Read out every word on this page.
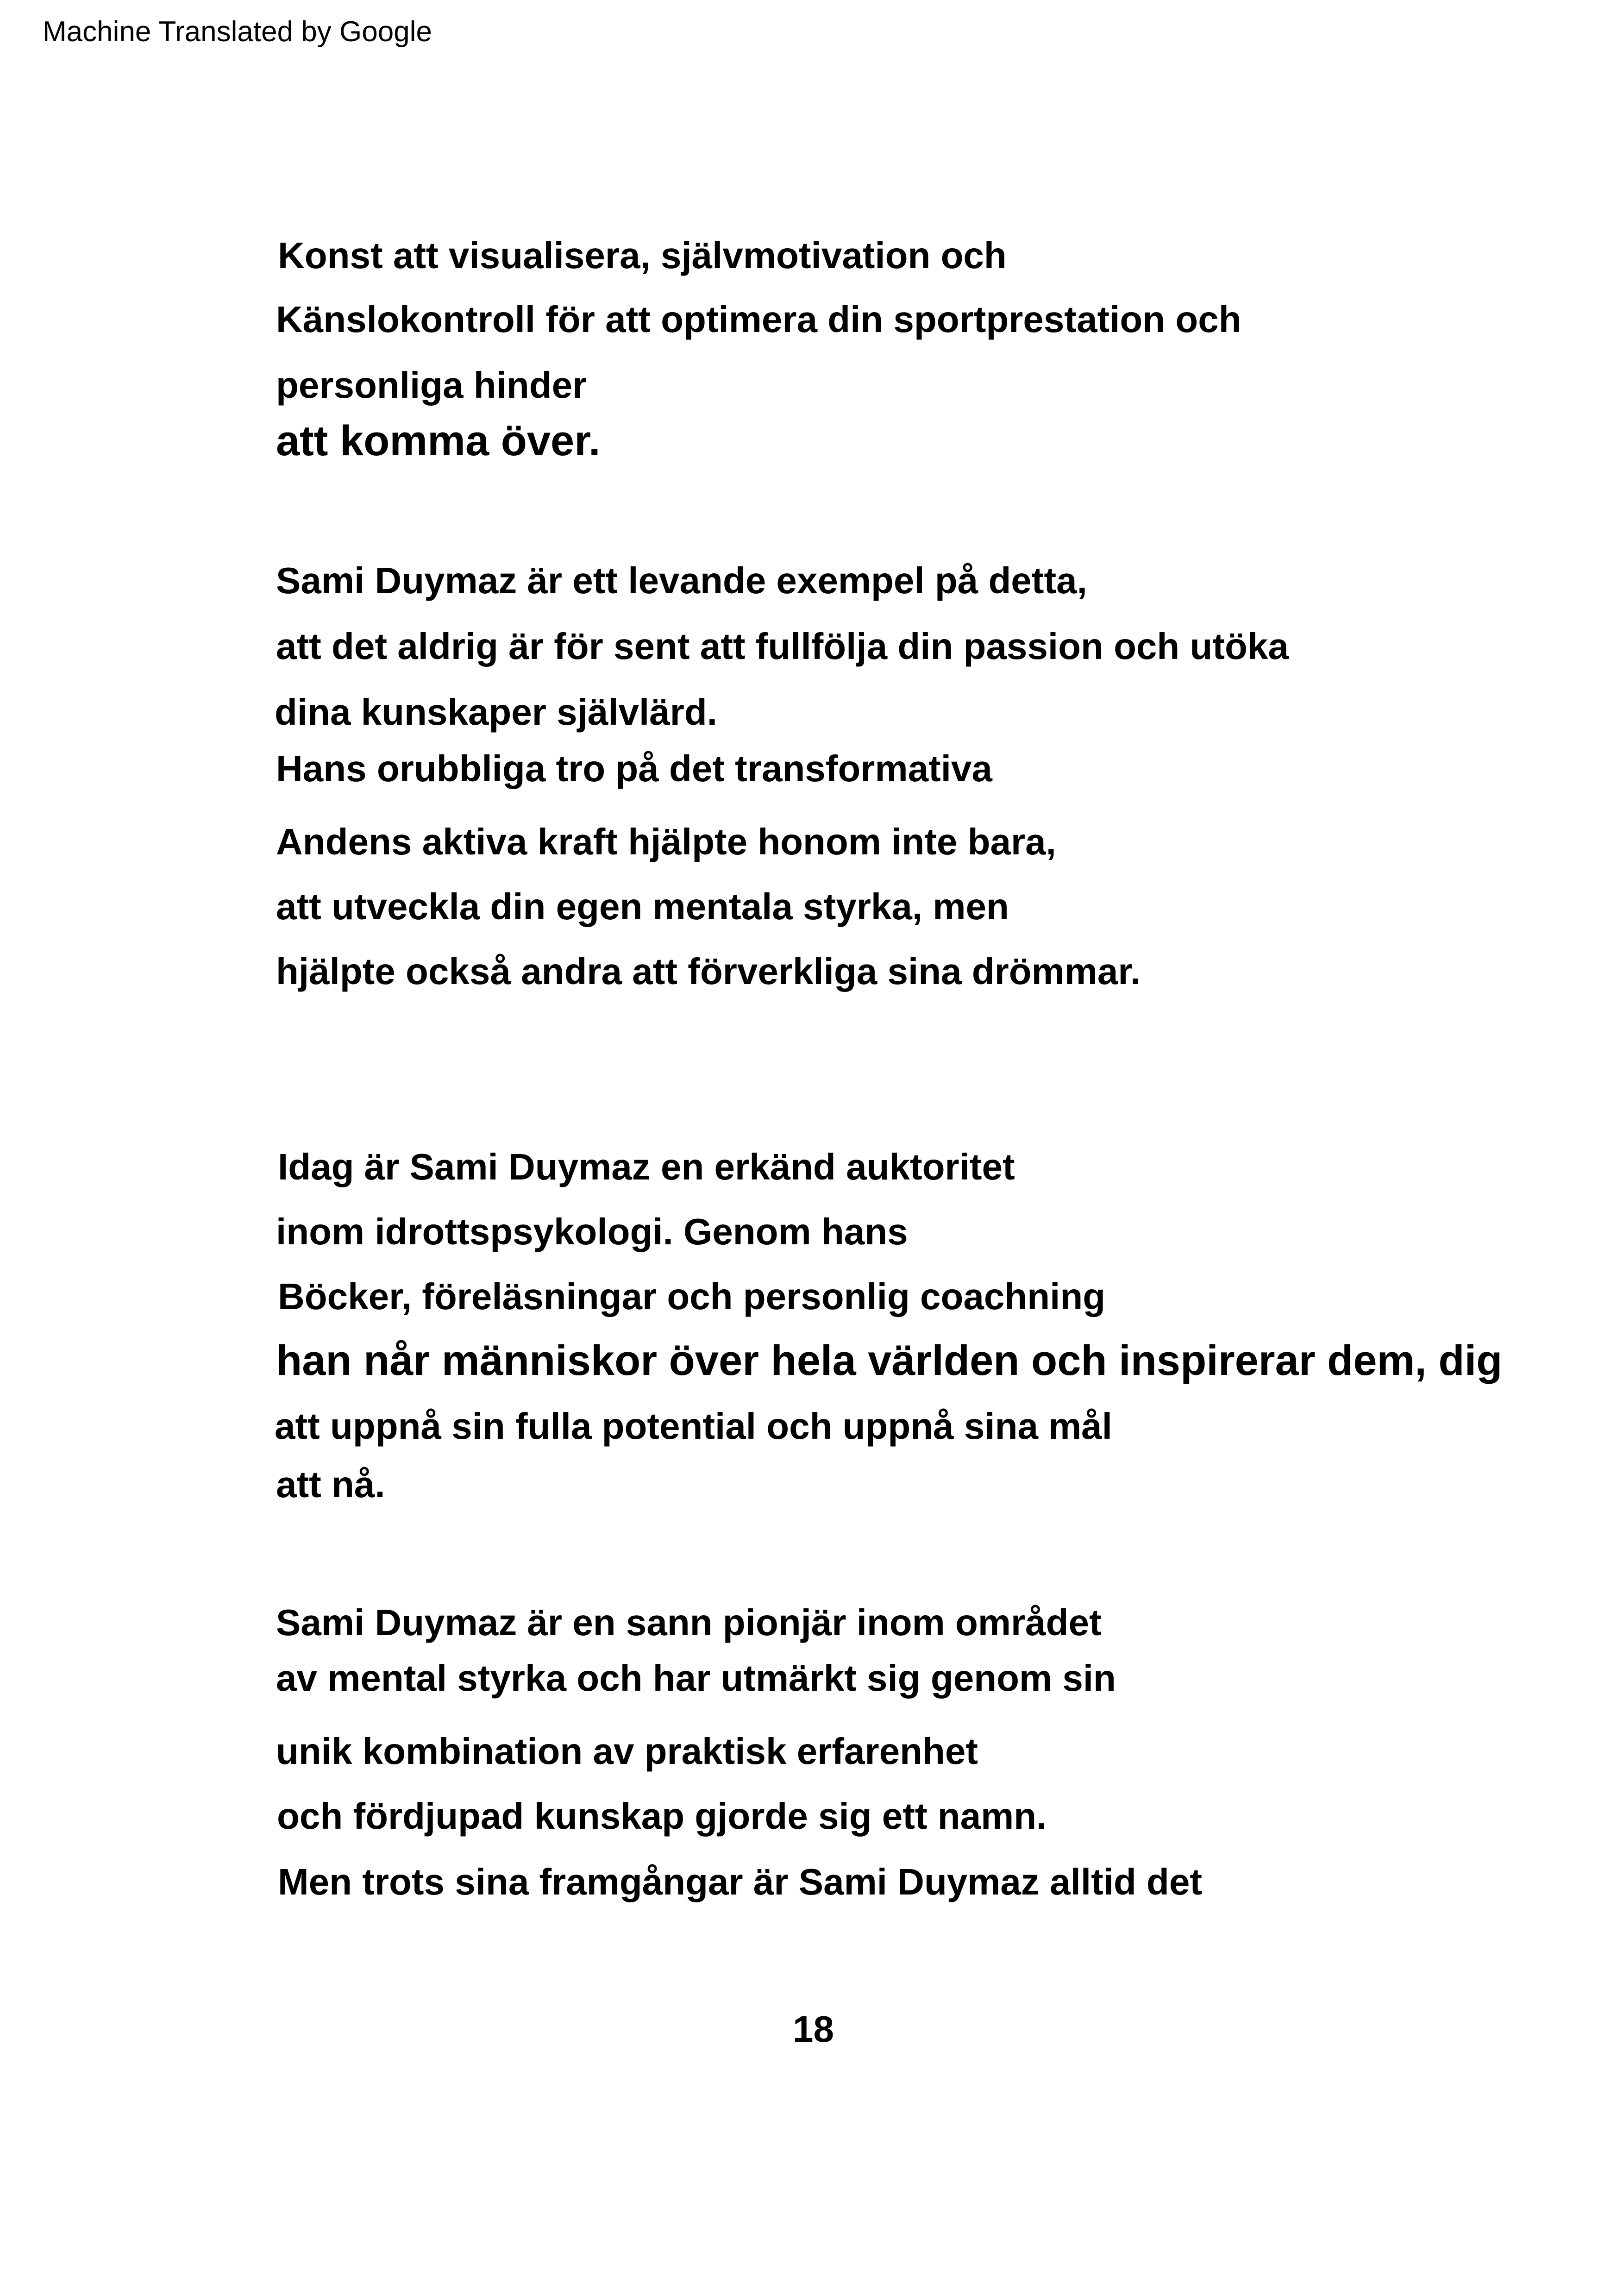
Machine Translated by Google
Konst att visualisera, självmotivation och
Känslokontroll för att optimera din sportprestation och
personliga hinder
att komma över.
Sami Duymaz är ett levande exempel på detta,
att det aldrig är för sent att fullfölja din passion och utöka
dina kunskaper självlärd.
Hans orubbliga tro på det transformativa
Andens aktiva kraft hjälpte honom inte bara,
att utveckla din egen mentala styrka, men
hjälpte också andra att förverkliga sina drömmar.
Idag är Sami Duymaz en erkänd auktoritet
inom idrottspsykologi. Genom hans
Böcker, föreläsningar och personlig coachning
han når människor över hela världen och inspirerar dem, dig
att uppnå sin fulla potential och uppnå sina mål
att nå.
Sami Duymaz är en sann pionjär inom området
av mental styrka och har utmärkt sig genom sin
unik kombination av praktisk erfarenhet
och fördjupad kunskap gjorde sig ett namn.
Men trots sina framgångar är Sami Duymaz alltid det
18
